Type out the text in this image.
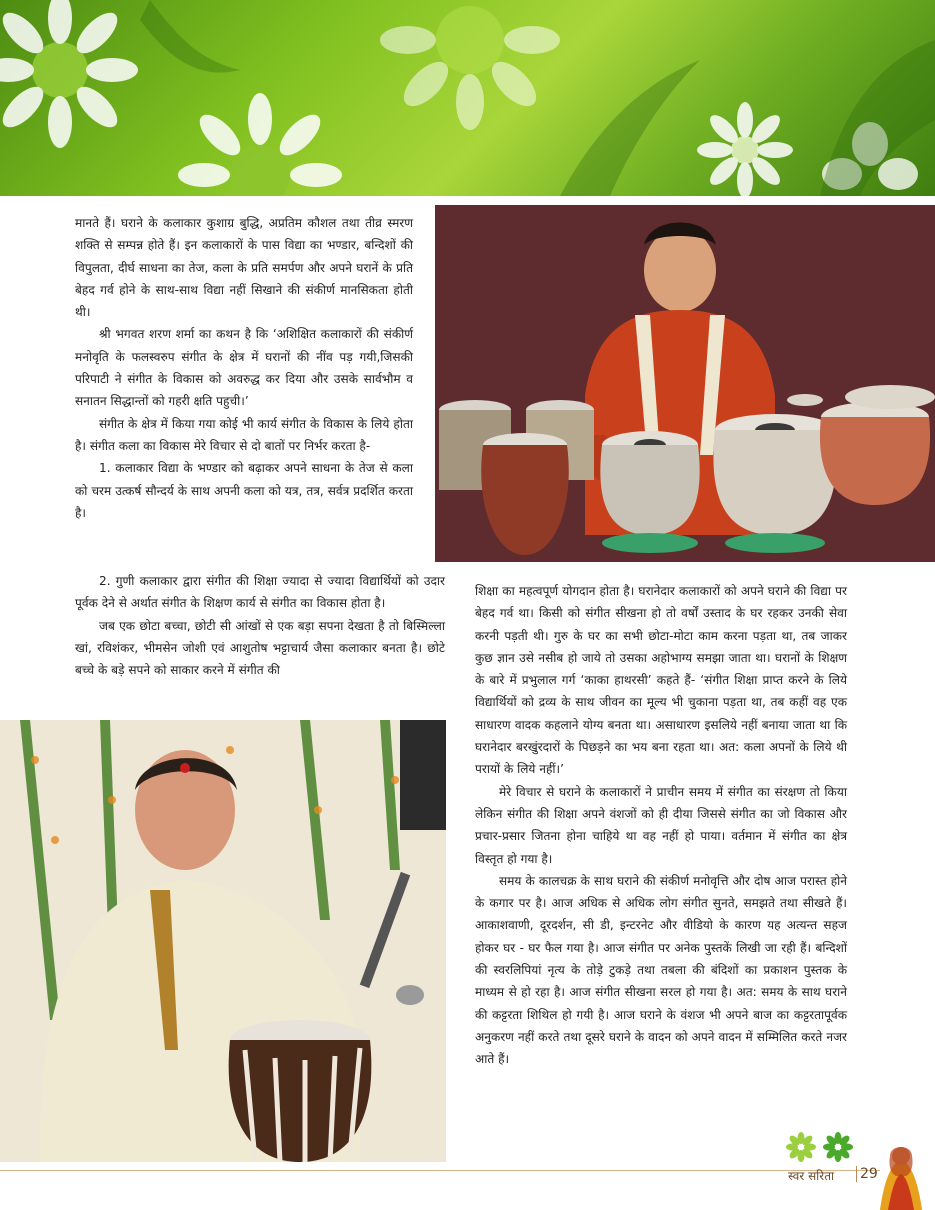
मानते हैं। घराने के कलाकार कुशाग्र बुद्धि, अप्रतिम कौशल तथा तीव्र स्मरण शक्ति से सम्पन्न होते हैं। इन कलाकारों के पास विद्या का भण्डार, बन्दिशों की विपुलता, दीर्घ साधना का तेज, कला के प्रति समर्पण और अपने घरानें के प्रति बेहद गर्व होने के साथ-साथ विद्या नहीं सिखाने की संकीर्ण मानसिकता होती थी।

श्री भगवत शरण शर्मा का कथन है कि ‘अशिक्षित कलाकारों की संकीर्ण मनोवृति के फलस्वरुप संगीत के क्षेत्र में घरानों की नींव पड़ गयी,जिसकी परिपाटी ने संगीत के विकास को अवरुद्ध कर दिया और उसके सार्वभौम व सनातन सिद्धान्तों को गहरी क्षति पहुची।’

संगीत के क्षेत्र में किया गया कोई भी कार्य संगीत के विकास के लिये होता है। संगीत कला का विकास मेरे विचार से दो बातों पर निर्भर करता है-

1. कलाकार विद्या के भण्डार को बढ़ाकर अपने साधना के तेज से कला को चरम उत्कर्ष सौन्दर्य के साथ अपनी कला को यत्र, तत्र, सर्वत्र प्रदर्शित करता है।

2. गुणी कलाकार द्वारा संगीत की शिक्षा ज्यादा से ज्यादा विद्यार्थियों को उदार पूर्वक देने से अर्थात संगीत के शिक्षण कार्य से संगीत का विकास होता है।

जब एक छोटा बच्चा, छोटी सी आंखों से एक बड़ा सपना देखता है तो बिस्मिल्ला खां, रविशंकर, भीमसेन जोशी एवं आशुतोष भट्टाचार्य जैसा कलाकार बनता है। छोटे बच्चे के बड़े सपने को साकार करने में संगीत की

शिक्षा का महत्वपूर्ण योगदान होता है। घरानेदार कलाकारों को अपने घराने की विद्या पर बेहद गर्व था। किसी को संगीत सीखना हो तो वर्षों उस्ताद के घर रहकर उनकी सेवा करनी पड़ती थी। गुरु के घर का सभी छोटा-मोटा काम करना पड़ता था, तब जाकर कुछ ज्ञान उसे नसीब हो जाये तो उसका अहोभाग्य समझा जाता था। घरानों के शिक्षण के बारे में प्रभुलाल गर्ग ‘काका हाथरसी’ कहते हैं- ‘संगीत शिक्षा प्राप्त करने के लिये विद्यार्थियों को द्रव्य के साथ जीवन का मूल्य भी चुकाना पड़ता था, तब कहीं वह एक साधारण वादक कहलाने योग्य बनता था। असाधारण इसलिये नहीं बनाया जाता था कि घरानेदार बरखुंरदारों के पिछड़ने का भय बना रहता था। अत: कला अपनों के लिये थी परायों के लिये नहीं।’

मेरे विचार से घराने के कलाकारों ने प्राचीन समय में संगीत का संरक्षण तो किया लेकिन संगीत की शिक्षा अपने वंशजों को ही दीया जिससे संगीत का जो विकास और प्रचार-प्रसार जितना होना चाहिये था वह नहीं हो पाया। वर्तमान में संगीत का क्षेत्र विस्तृत हो गया है।

समय के कालचक्र के साथ घराने की संकीर्ण मनोवृत्ति और दोष आज परास्त होने के कगार पर है। आज अधिक से अधिक लोग संगीत सुनते, समझते तथा सीखते हैं। आकाशवाणी, दूरदर्शन, सी डी, इन्टरनेट और वीडियो के कारण यह अत्यन्त सहज होकर घर - घर फैल गया है। आज संगीत पर अनेक पुस्तकें लिखी जा रही हैं। बन्दिशों की स्वरलिपियां नृत्य के तोड़े टुकड़े तथा तबला की बंदिशों का प्रकाशन पुस्तक के माध्यम से हो रहा है। आज संगीत सीखना सरल हो गया है। अत: समय के साथ घराने की कट्टरता शिथिल हो गयी है। आज घराने के वंशज भी अपने बाज का कट्टरतापूर्वक अनुकरण नहीं करते तथा दूसरे घराने के वादन को अपने वादन में सम्मिलित करते नजर आते हैं।

स्वर सरिता 29
